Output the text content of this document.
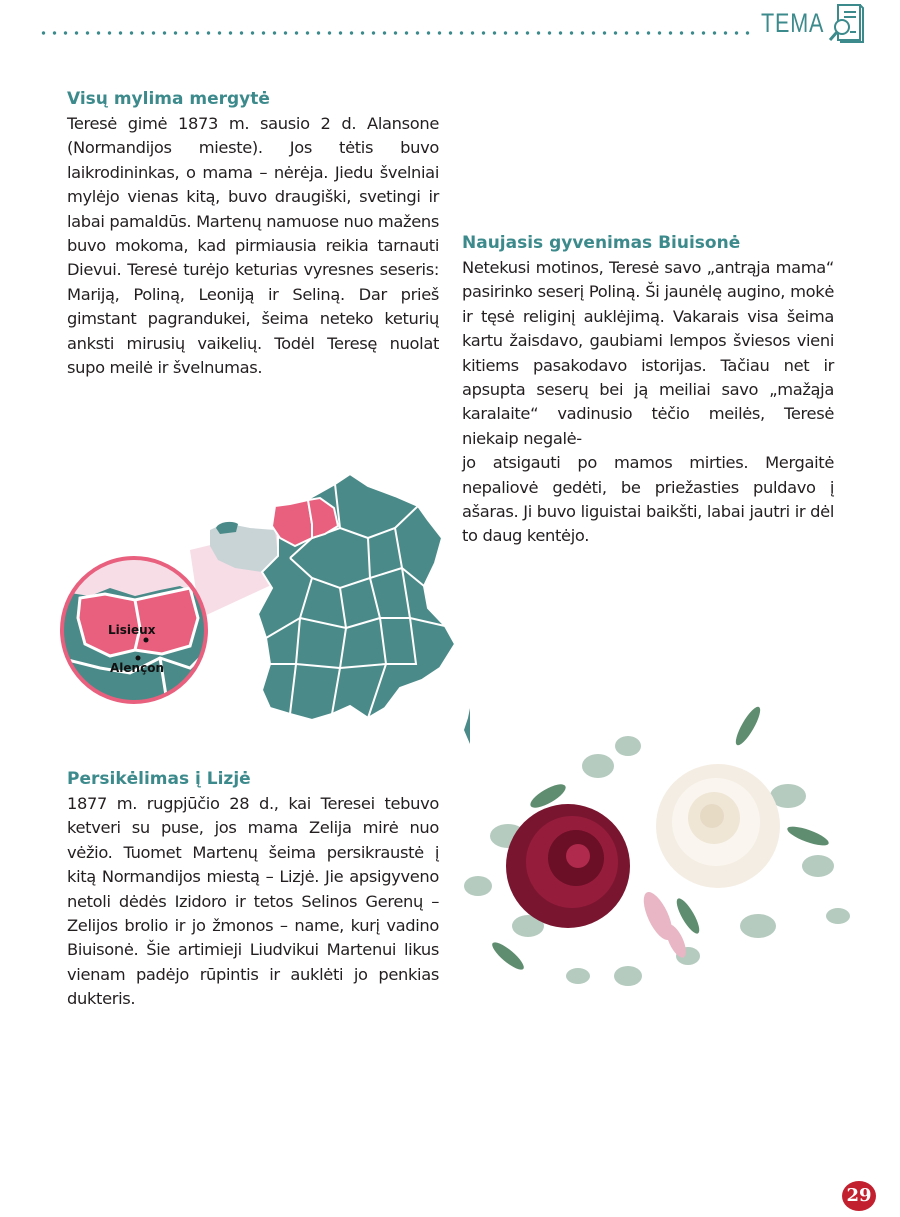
TEMA
Visų mylima mergytė

Teresė gimė 1873 m. sausio 2 d. Alansone (Normandijos mieste). Jos tėtis buvo laikrodininkas, o mama – nėrėja. Jiedu švelniai mylėjo vienas kitą, buvo draugiški, svetingi ir labai pamaldūs. Martenų namuose nuo mažens buvo mokoma, kad pirmiausia reikia tarnauti Dievui. Teresė turėjo keturias vyresnes seseris: Mariją, Poliną, Leoniją ir Seliną. Dar prieš gimstant pagrandukei, šeima neteko keturių anksti mirusių vaikelių. Todėl Teresę nuolat supo meilė ir švelnumas.

Naujasis gyvenimas Biuisonė

Netekusi motinos, Teresė savo „antrąja mama“ pasirinko seserį Poliną. Ši jaunėlę augino, mokė ir tęsė religinį auklėjimą. Vakarais visa šeima kartu žaisdavo, gaubiami lempos šviesos vieni kitiems pasakodavo istorijas. Tačiau net ir apsupta seserų bei ją meiliai savo „mažąja karalaite“ vadinusio tėčio meilės, Teresė niekaip negalė-

jo atsigauti po mamos mirties. Mergaitė nepaliovė gedėti, be priežasties puldavo į ašaras. Ji buvo liguistai baikšti, labai jautri ir dėl to daug kentėjo.

Lisieux
Alençon
Persikėlimas į Lizjė

1877 m. rugpjūčio 28 d., kai Teresei tebuvo ketveri su puse, jos mama Zelija mirė nuo vėžio. Tuomet Martenų šeima persikraustė į kitą Normandijos miestą – Lizjė. Jie apsigyveno netoli dėdės Izidoro ir tetos Selinos Gerenų – Zelijos brolio ir jo žmonos – name, kurį vadino Biuisonė. Šie artimieji Liudvikui Martenui likus vienam padėjo rūpintis ir auklėti jo penkias dukteris.

29
